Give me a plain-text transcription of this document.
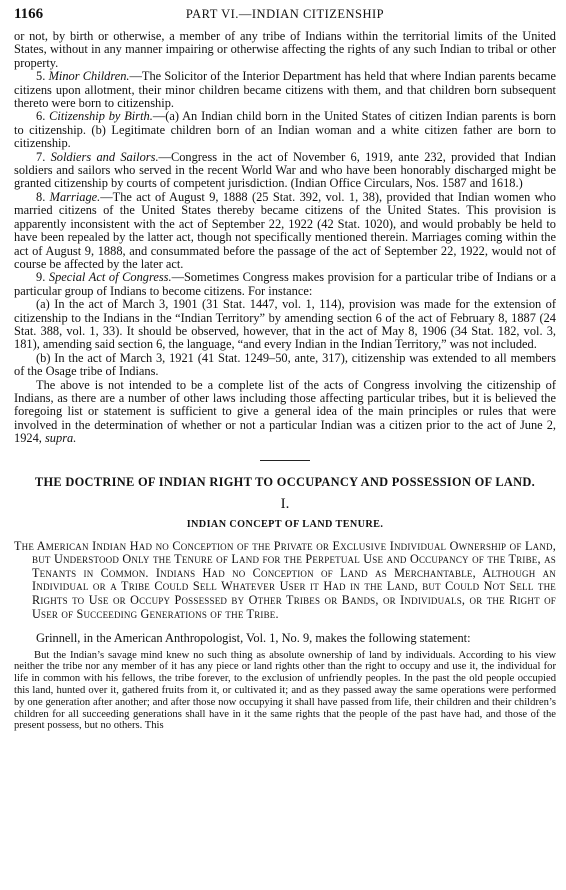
1166	PART VI.—INDIAN CITIZENSHIP

or not, by birth or otherwise, a member of any tribe of Indians within the territorial limits of the United States, without in any manner impairing or otherwise affecting the rights of any such Indian to tribal or other property.

5. Minor Children.—The Solicitor of the Interior Department has held that where Indian parents became citizens upon allotment, their minor children became citizens with them, and that children born subsequent thereto were born to citizenship.

6. Citizenship by Birth.—(a) An Indian child born in the United States of citizen Indian parents is born to citizenship. (b) Legitimate children born of an Indian woman and a white citizen father are born to citizenship.

7. Soldiers and Sailors.—Congress in the act of November 6, 1919, ante 232, provided that Indian soldiers and sailors who served in the recent World War and who have been honorably discharged might be granted citizenship by courts of competent jurisdiction. (Indian Office Circulars, Nos. 1587 and 1618.)

8. Marriage.—The act of August 9, 1888 (25 Stat. 392, vol. 1, 38), provided that Indian women who married citizens of the United States thereby became citizens of the United States. This provision is apparently inconsistent with the act of September 22, 1922 (42 Stat. 1020), and would probably be held to have been repealed by the latter act, though not specifically mentioned therein. Marriages coming within the act of August 9, 1888, and consummated before the passage of the act of September 22, 1922, would not of course be affected by the later act.

9. Special Act of Congress.—Sometimes Congress makes provision for a particular tribe of Indians or a particular group of Indians to become citizens. For instance:

(a) In the act of March 3, 1901 (31 Stat. 1447, vol. 1, 114), provision was made for the extension of citizenship to the Indians in the “Indian Territory” by amending section 6 of the act of February 8, 1887 (24 Stat. 388, vol. 1, 33). It should be observed, however, that in the act of May 8, 1906 (34 Stat. 182, vol. 3, 181), amending said section 6, the language, “and every Indian in the Indian Territory,” was not included.

(b) In the act of March 3, 1921 (41 Stat. 1249–50, ante, 317), citizenship was extended to all members of the Osage tribe of Indians.

The above is not intended to be a complete list of the acts of Congress involving the citizenship of Indians, as there are a number of other laws including those affecting particular tribes, but it is believed the foregoing list or statement is sufficient to give a general idea of the main principles or rules that were involved in the determination of whether or not a particular Indian was a citizen prior to the act of June 2, 1924, supra.

THE DOCTRINE OF INDIAN RIGHT TO OCCUPANCY AND POSSESSION OF LAND.
I.
INDIAN CONCEPT OF LAND TENURE.

The American Indian Had no Conception of the Private or Exclusive Individual Ownership of Land, but Understood Only the Tenure of Land for the Perpetual Use and Occupancy of the Tribe, as Tenants in Common. Indians Had no Conception of Land as Merchantable, Although an Individual or a Tribe Could Sell Whatever User it Had in the Land, but Could Not Sell the Rights to Use or Occupy Possessed by Other Tribes or Bands, or Individuals, or the Right of User of Succeeding Generations of the Tribe.

Grinnell, in the American Anthropologist, Vol. 1, No. 9, makes the following statement:

But the Indian’s savage mind knew no such thing as absolute ownership of land by individuals. According to his view neither the tribe nor any member of it has any piece or land rights other than the right to occupy and use it, the individual for life in common with his fellows, the tribe forever, to the exclusion of unfriendly peoples. In the past the old people occupied this land, hunted over it, gathered fruits from it, or cultivated it; and as they passed away the same operations were performed by one generation after another; and after those now occupying it shall have passed from life, their children and their children’s children for all succeeding generations shall have in it the same rights that the people of the past have had, and those of the present possess, but no others. This
